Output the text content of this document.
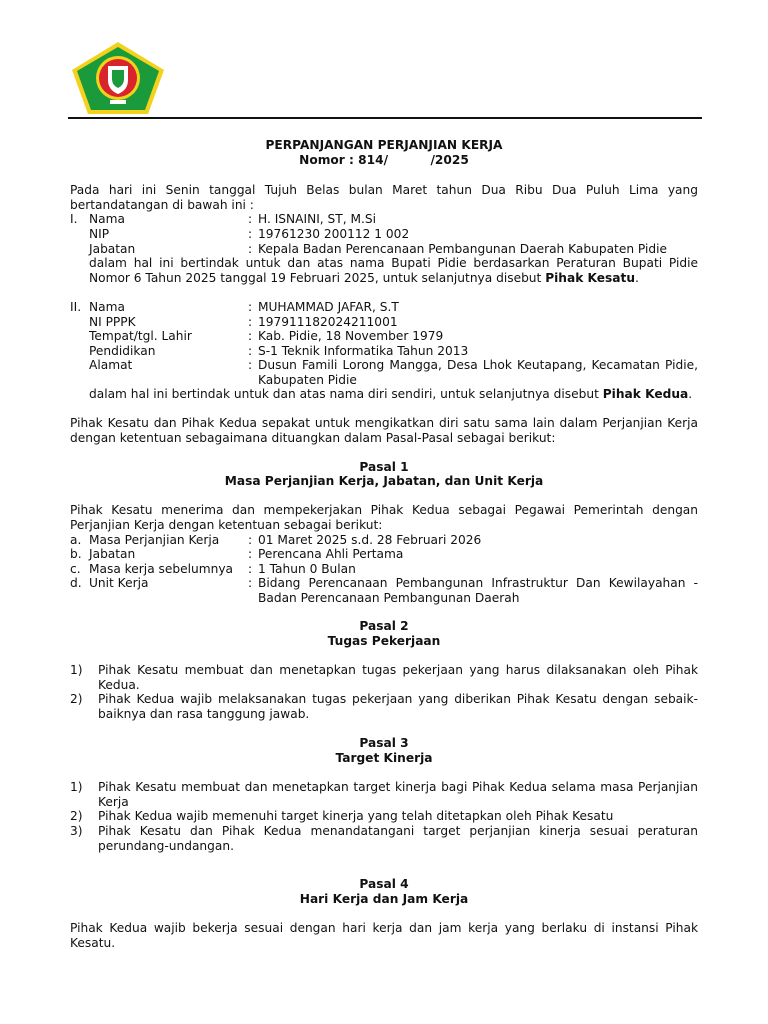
PERPANJANGAN PERJANJIAN KERJA
Nomor : 814/          /2025
Pada hari ini Senin tanggal Tujuh Belas bulan Maret tahun Dua Ribu Dua Puluh Lima yang bertandatangan di bawah ini :
I. Nama	: H. ISNAINI, ST, M.Si
NIP	: 19761230 200112 1 002
Jabatan	: Kepala Badan Perencanaan Pembangunan Daerah Kabupaten Pidie
dalam hal ini bertindak untuk dan atas nama Bupati Pidie berdasarkan Peraturan Bupati Pidie Nomor 6 Tahun 2025 tanggal 19 Februari 2025, untuk selanjutnya disebut Pihak Kesatu.
II. Nama	: MUHAMMAD JAFAR, S.T
NI PPPK	: 197911182024211001
Tempat/tgl. Lahir	: Kab. Pidie, 18 November 1979
Pendidikan	: S-1 Teknik Informatika Tahun 2013
Alamat	: Dusun Famili Lorong Mangga, Desa Lhok Keutapang, Kecamatan Pidie, Kabupaten Pidie
dalam hal ini bertindak untuk dan atas nama diri sendiri, untuk selanjutnya disebut Pihak Kedua.
Pihak Kesatu dan Pihak Kedua sepakat untuk mengikatkan diri satu sama lain dalam Perjanjian Kerja dengan ketentuan sebagaimana dituangkan dalam Pasal-Pasal sebagai berikut:
Pasal 1
Masa Perjanjian Kerja, Jabatan, dan Unit Kerja
Pihak Kesatu menerima dan mempekerjakan Pihak Kedua sebagai Pegawai Pemerintah dengan Perjanjian Kerja dengan ketentuan sebagai berikut:
a. Masa Perjanjian Kerja : 01 Maret 2025 s.d. 28 Februari 2026
b. Jabatan	: Perencana Ahli Pertama
c. Masa kerja sebelumnya : 1 Tahun 0 Bulan
d. Unit Kerja	: Bidang Perencanaan Pembangunan Infrastruktur Dan Kewilayahan - Badan Perencanaan Pembangunan Daerah
Pasal 2
Tugas Pekerjaan
1) Pihak Kesatu membuat dan menetapkan tugas pekerjaan yang harus dilaksanakan oleh Pihak Kedua.
2) Pihak Kedua wajib melaksanakan tugas pekerjaan yang diberikan Pihak Kesatu dengan sebaik-baiknya dan rasa tanggung jawab.
Pasal 3
Target Kinerja
1) Pihak Kesatu membuat dan menetapkan target kinerja bagi Pihak Kedua selama masa Perjanjian Kerja
2) Pihak Kedua wajib memenuhi target kinerja yang telah ditetapkan oleh Pihak Kesatu
3) Pihak Kesatu dan Pihak Kedua menandatangani target perjanjian kinerja sesuai peraturan perundang-undangan.
Pasal 4
Hari Kerja dan Jam Kerja
Pihak Kedua wajib bekerja sesuai dengan hari kerja dan jam kerja yang berlaku di instansi Pihak Kesatu.
